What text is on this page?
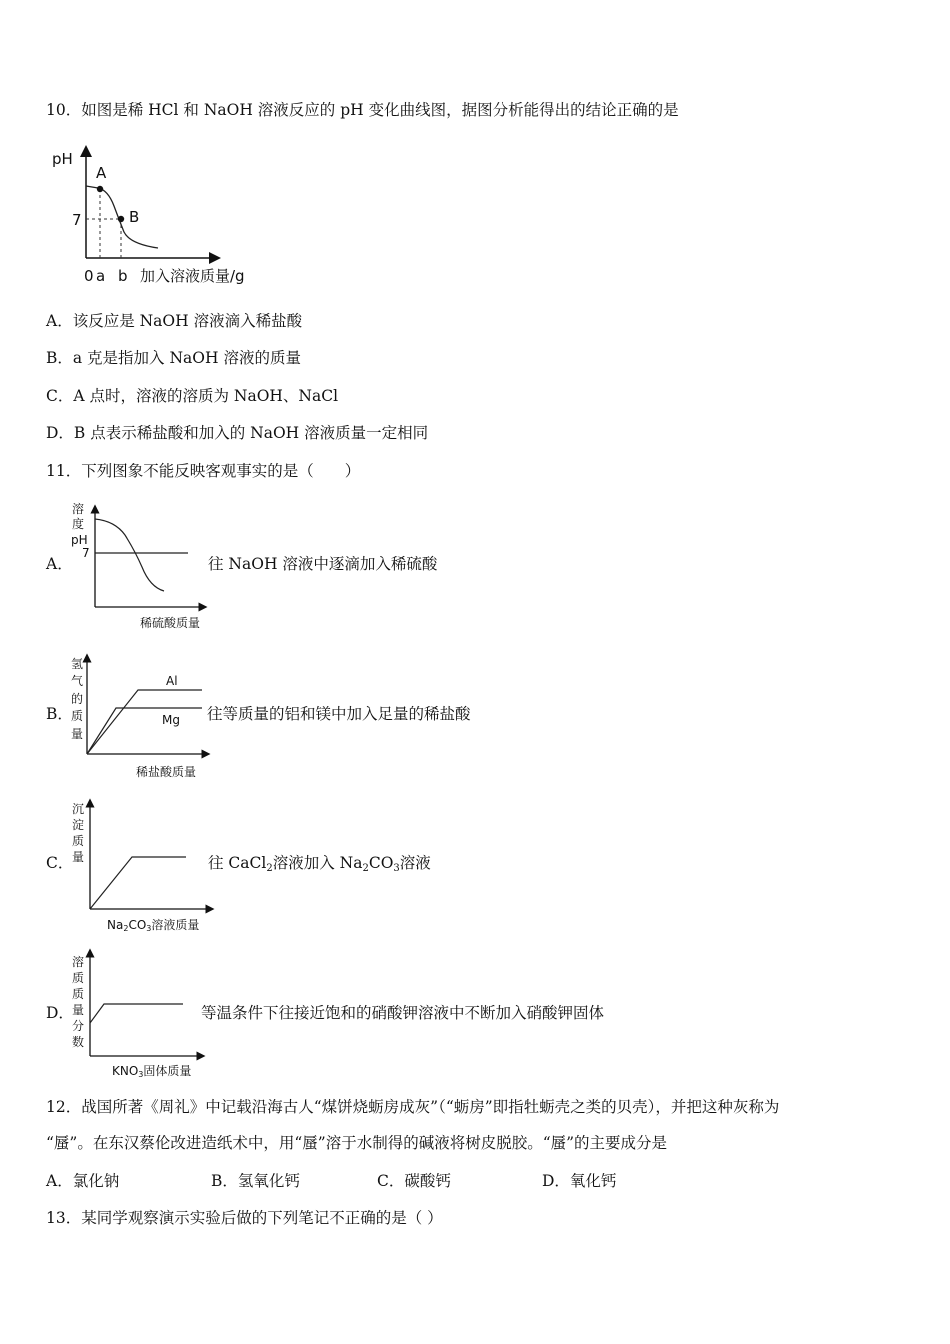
10．如图是稀 HCl 和 NaOH 溶液反应的 pH 变化曲线图，据图分析能得出的结论正确的是
pH
7
A
B
0 a b 加入溶液质量/g
A．该反应是 NaOH 溶液滴入稀盐酸
B．a 克是指加入 NaOH 溶液的质量
C．A 点时，溶液的溶质为 NaOH、NaCl
D．B 点表示稀盐酸和加入的 NaOH 溶液质量一定相同
11．下列图象不能反映客观事实的是（　　）
A．
溶
度
pH
7
稀硫酸质量
往 NaOH 溶液中逐滴加入稀硫酸
B．
Al
Mg
氢
气
的
质
量
稀盐酸质量
往等质量的铝和镁中加入足量的稀盐酸
C．
沉
淀
质
量
Na2CO3溶液质量
往 CaCl$_2$溶液加入 $Na_2CO_3$溶液
D．
溶
质
质
量
分
数
KNO3固体质量
等温条件下往接近饱和的硝酸钾溶液中不断加入硝酸钾固体
12．战国所著《周礼》中记载沿海古人“煤饼烧蛎房成灰”（“蛎房”即指牡蛎壳之类的贝壳），并把这种灰称为
“蜃”。在东汉蔡伦改进造纸术中，用“蜃”溶于水制得的碱液将树皮脱胶。“蜃”的主要成分是
A．氯化钠	B．氢氧化钙	C．碳酸钙	D．氧化钙
13．某同学观察演示实验后做的下列笔记不正确的是（ ）
